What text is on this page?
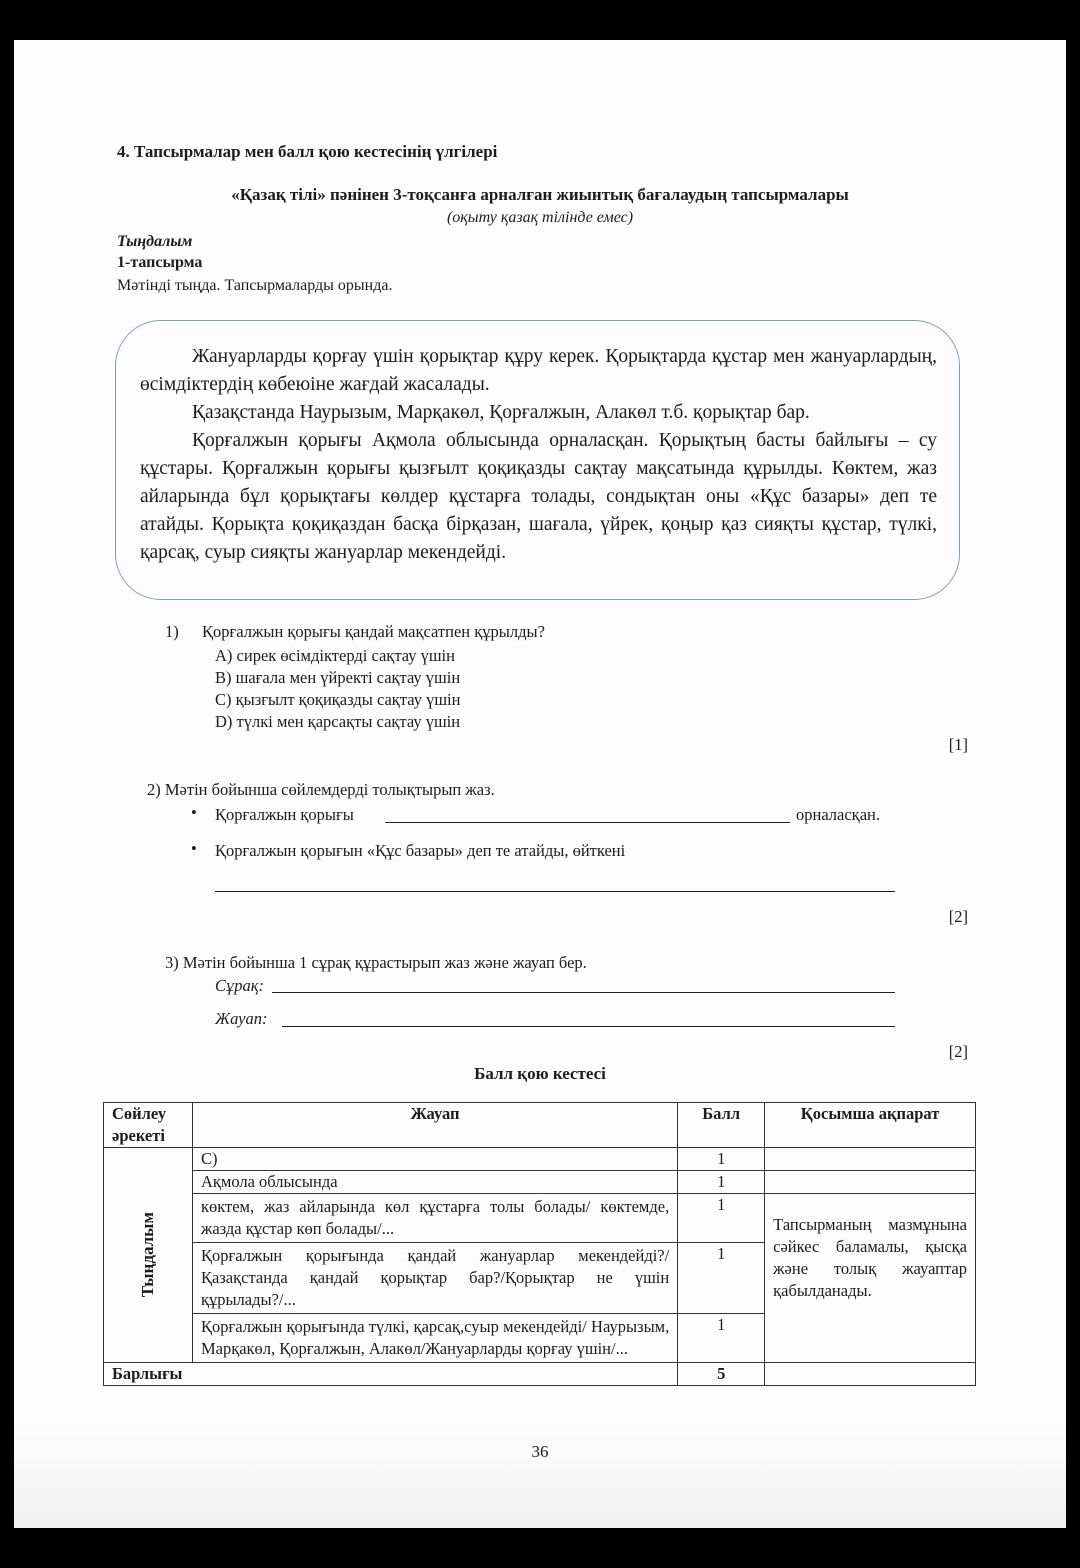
4. Тапсырмалар мен балл қою кестесінің үлгілері
«Қазақ тілі» пәнінен 3-тоқсанға арналған жиынтық бағалаудың тапсырмалары
(оқыту қазақ тілінде емес)
Тыңдалым
1-тапсырма
Мәтінді тыңда. Тапсырмаларды орында.

Жануарларды қорғау үшін қорықтар құру керек. Қорықтарда құстар мен жануарлардың, өсімдіктердің көбеюіне жағдай жасалады.

Қазақстанда Наурызым, Марқакөл, Қорғалжын, Алакөл т.б. қорықтар бар.

Қорғалжын қорығы Ақмола облысында орналасқан. Қорықтың басты байлығы – су құстары. Қорғалжын қорығы қызғылт қоқиқазды сақтау мақсатында құрылды. Көктем, жаз айларында бұл қорықтағы көлдер құстарға толады, сондықтан оны «Құс базары» деп те атайды. Қорықта қоқиқаздан басқа бірқазан, шағала, үйрек, қоңыр қаз сияқты құстар, түлкі, қарсақ, суыр сияқты жануарлар мекендейді.

1) Қорғалжын қорығы қандай мақсатпен құрылды?
A) сирек өсімдіктерді сақтау үшін
B) шағала мен үйректі сақтау үшін
C) қызғылт қоқиқазды сақтау үшін
D) түлкі мен қарсақты сақтау үшін
[1]
2) Мәтін бойынша сөйлемдерді толықтырып жаз.
• Қорғалжын қорығы	орналасқан.
• Қорғалжын қорығын «Құс базары» деп те атайды, өйткені
[2]
3) Мәтін бойынша 1 сұрақ құрастырып жаз және жауап бер.
Сұрақ:
Жауап:
[2]
Балл қою кестесі
Сөйлеу әрекеті	Жауап	Балл	Қосымша ақпарат

Тыңдалым	C)	1	
	Ақмола облысында	1	
	көктем, жаз айларында көл құстарға толы болады/ көктемде, жазда құстар көп болады/...	1	Тапсырманың мазмұнына сәйкес баламалы, қысқа және толық жауаптар қабылданады.
	Қорғалжын қорығында қандай жануарлар мекендейді?/Қазақстанда қандай қорықтар бар?/Қорықтар не үшін құрылады?/...	1	
	Қорғалжын қорығында түлкі, қарсақ,суыр мекендейді/ Наурызым, Марқакөл, Қорғалжын, Алакөл/Жануарларды қорғау үшін/...	1	
Барлығы		5	
36
